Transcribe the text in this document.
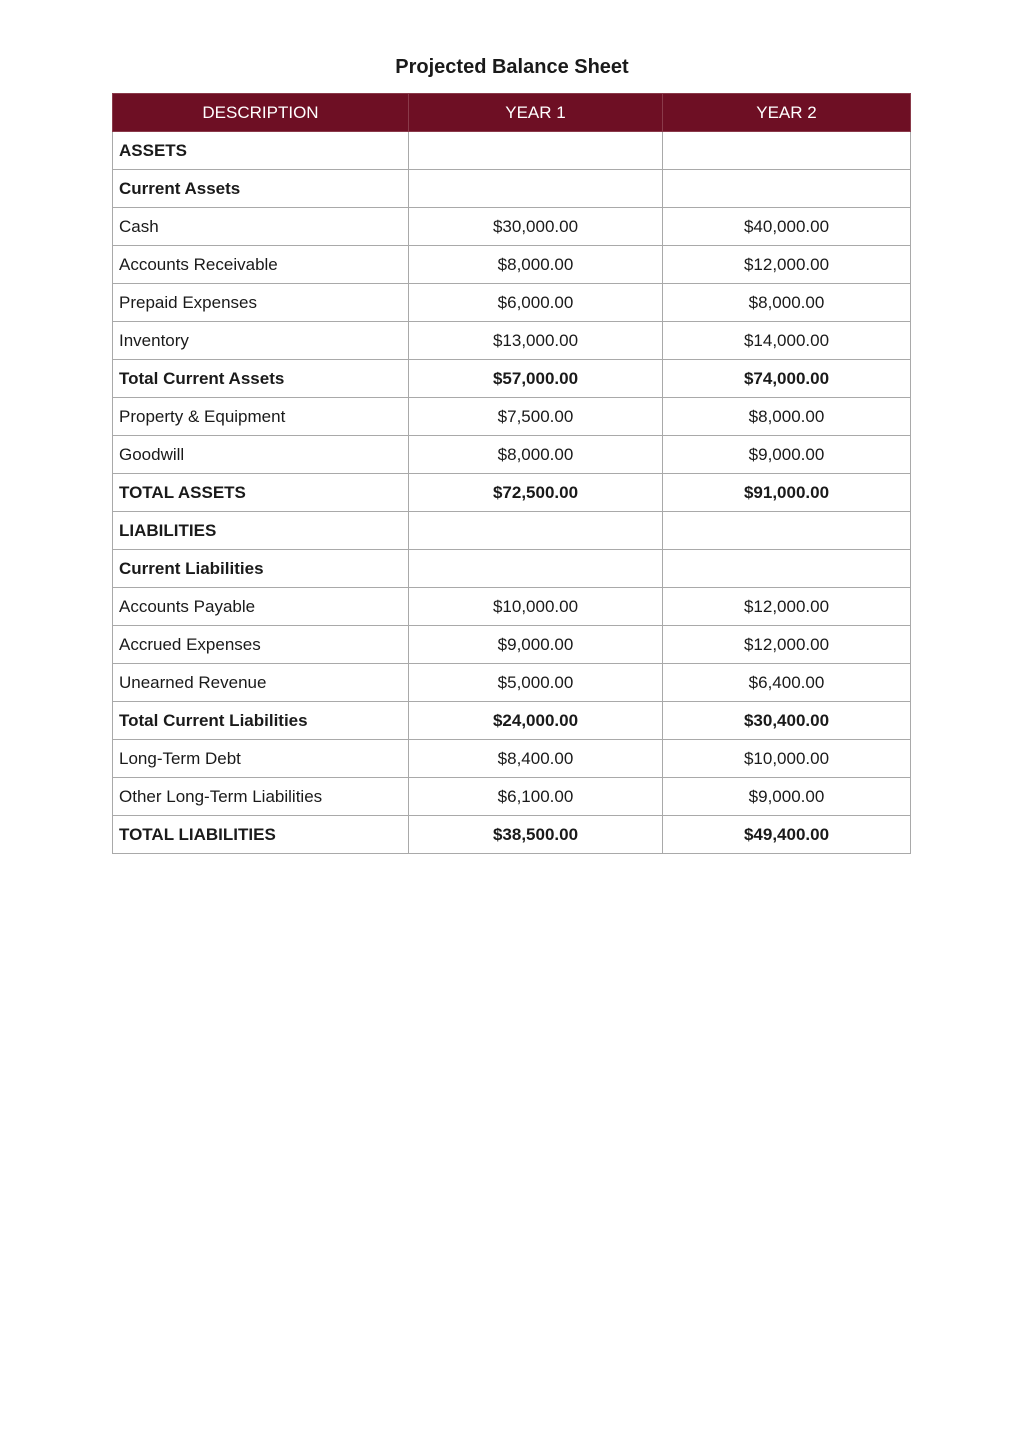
Projected Balance Sheet
DESCRIPTION	YEAR 1	YEAR 2
ASSETS		
Current Assets		
Cash	$30,000.00	$40,000.00
Accounts Receivable	$8,000.00	$12,000.00
Prepaid Expenses	$6,000.00	$8,000.00
Inventory	$13,000.00	$14,000.00
Total Current Assets	$57,000.00	$74,000.00
Property & Equipment	$7,500.00	$8,000.00
Goodwill	$8,000.00	$9,000.00
TOTAL ASSETS	$72,500.00	$91,000.00
LIABILITIES		
Current Liabilities		
Accounts Payable	$10,000.00	$12,000.00
Accrued Expenses	$9,000.00	$12,000.00
Unearned Revenue	$5,000.00	$6,400.00
Total Current Liabilities	$24,000.00	$30,400.00
Long-Term Debt	$8,400.00	$10,000.00
Other Long-Term Liabilities	$6,100.00	$9,000.00
TOTAL LIABILITIES	$38,500.00	$49,400.00
